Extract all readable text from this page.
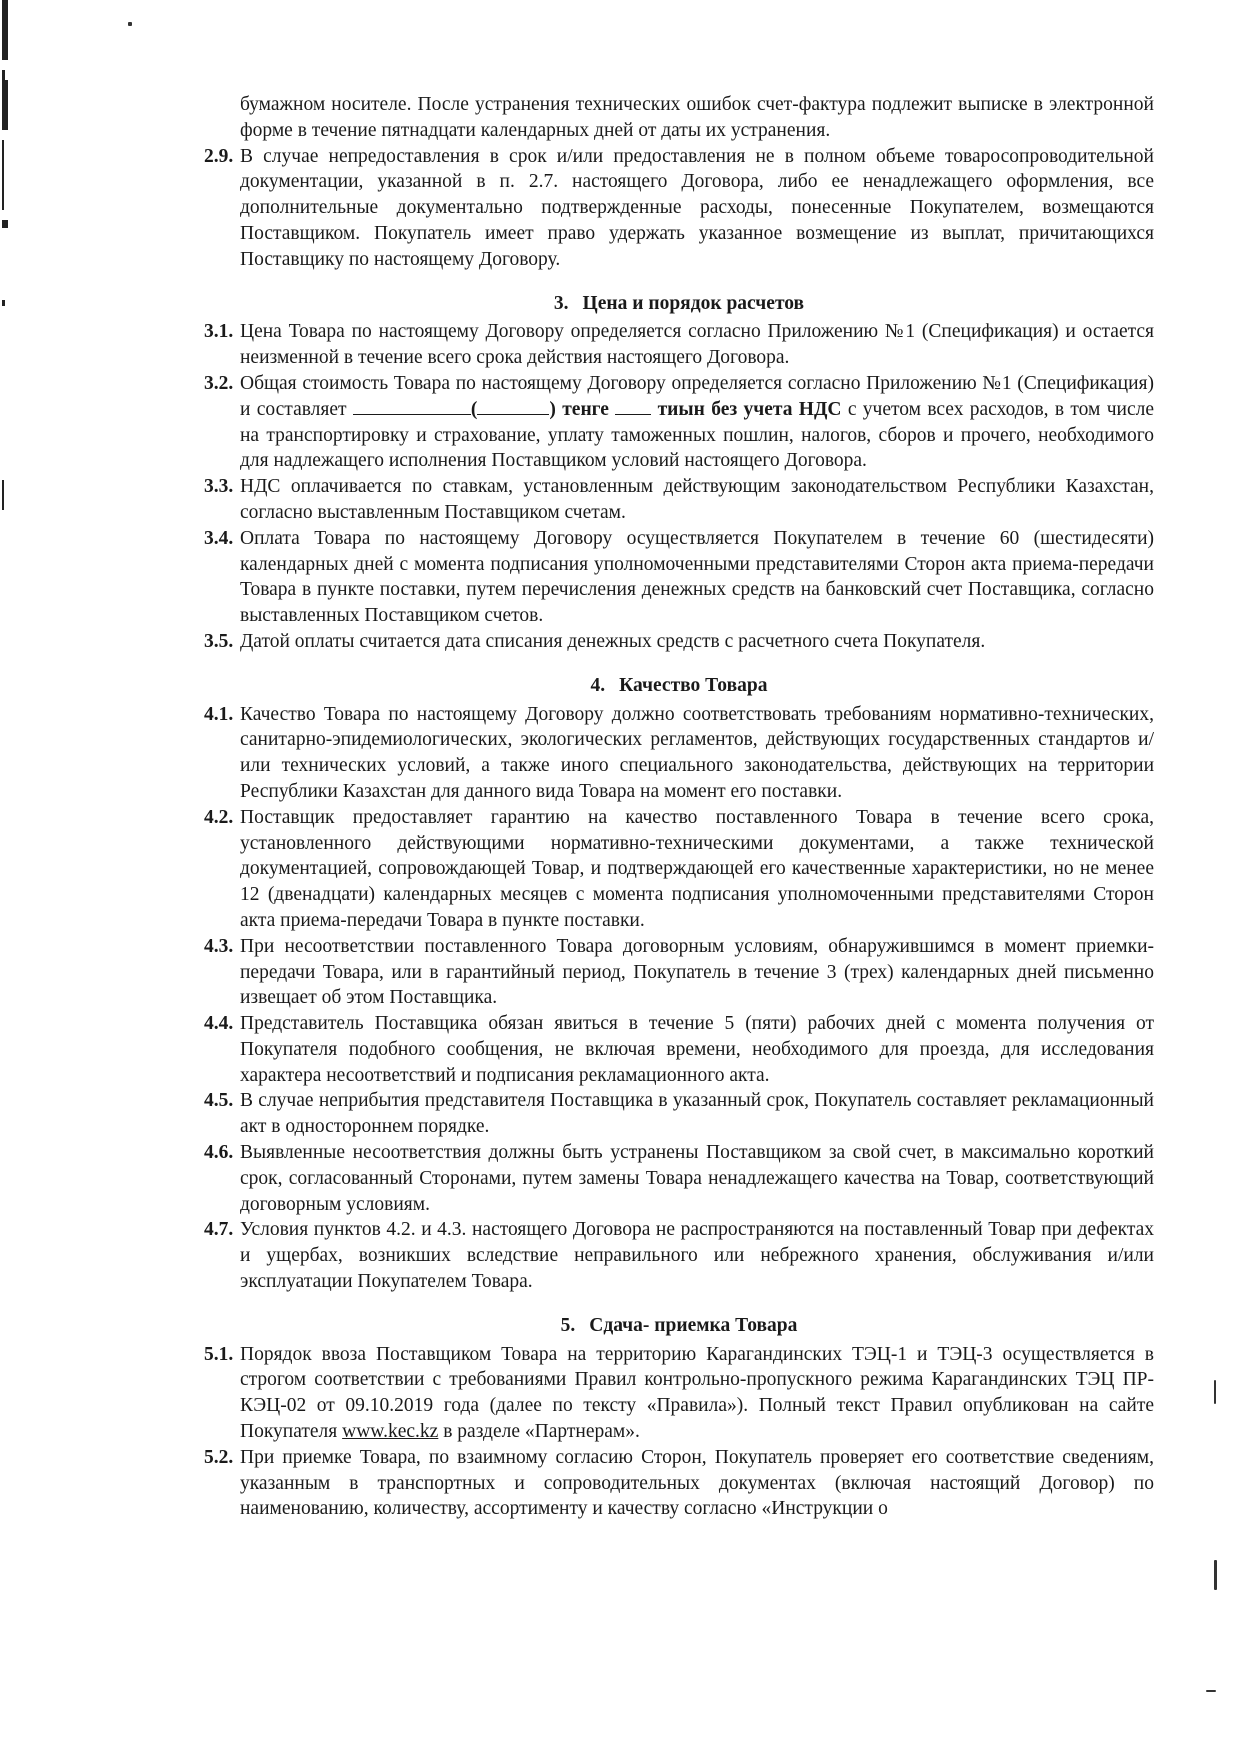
бумажном носителе. После устранения технических ошибок счет-фактура подлежит выписке в электронной форме в течение пятнадцати календарных дней от даты их устранения.
2.9. В случае непредоставления в срок и/или предоставления не в полном объеме товаросопроводительной документации, указанной в п. 2.7. настоящего Договора, либо ее ненадлежащего оформления, все дополнительные документально подтвержденные расходы, понесенные Покупателем, возмещаются Поставщиком. Покупатель имеет право удержать указанное возмещение из выплат, причитающихся Поставщику по настоящему Договору.
3. Цена и порядок расчетов
3.1. Цена Товара по настоящему Договору определяется согласно Приложению №1 (Спецификация) и остается неизменной в течение всего срока действия настоящего Договора.
3.2. Общая стоимость Товара по настоящему Договору определяется согласно Приложению №1 (Спецификация) и составляет	(	) тенге тиын без учета НДС с учетом всех расходов, в том числе на транспортировку и страхование, уплату таможенных пошлин, налогов, сборов и прочего, необходимого для надлежащего исполнения Поставщиком условий настоящего Договора.
3.3. НДС оплачивается по ставкам, установленным действующим законодательством Республики Казахстан, согласно выставленным Поставщиком счетам.
3.4. Оплата Товара по настоящему Договору осуществляется Покупателем в течение 60 (шестидесяти) календарных дней с момента подписания уполномоченными представителями Сторон акта приема-передачи Товара в пункте поставки, путем перечисления денежных средств на банковский счет Поставщика, согласно выставленных Поставщиком счетов.
3.5. Датой оплаты считается дата списания денежных средств с расчетного счета Покупателя.
4. Качество Товара
4.1. Качество Товара по настоящему Договору должно соответствовать требованиям нормативно-технических, санитарно-эпидемиологических, экологических регламентов, действующих государственных стандартов и/или технических условий, а также иного специального законодательства, действующих на территории Республики Казахстан для данного вида Товара на момент его поставки.
4.2. Поставщик предоставляет гарантию на качество поставленного Товара в течение всего срока, установленного действующими нормативно-техническими документами, а также технической документацией, сопровождающей Товар, и подтверждающей его качественные характеристики, но не менее 12 (двенадцати) календарных месяцев с момента подписания уполномоченными представителями Сторон акта приема-передачи Товара в пункте поставки.
4.3. При несоответствии поставленного Товара договорным условиям, обнаружившимся в момент приемки-передачи Товара, или в гарантийный период, Покупатель в течение 3 (трех) календарных дней письменно извещает об этом Поставщика.
4.4. Представитель Поставщика обязан явиться в течение 5 (пяти) рабочих дней с момента получения от Покупателя подобного сообщения, не включая времени, необходимого для проезда, для исследования характера несоответствий и подписания рекламационного акта.
4.5. В случае неприбытия представителя Поставщика в указанный срок, Покупатель составляет рекламационный акт в одностороннем порядке.
4.6. Выявленные несоответствия должны быть устранены Поставщиком за свой счет, в максимально короткий срок, согласованный Сторонами, путем замены Товара ненадлежащего качества на Товар, соответствующий договорным условиям.
4.7. Условия пунктов 4.2. и 4.3. настоящего Договора не распространяются на поставленный Товар при дефектах и ущербах, возникших вследствие неправильного или небрежного хранения, обслуживания и/или эксплуатации Покупателем Товара.
5. Сдача- приемка Товара
5.1. Порядок ввоза Поставщиком Товара на территорию Карагандинских ТЭЦ-1 и ТЭЦ-3 осуществляется в строгом соответствии с требованиями Правил контрольно-пропускного режима Карагандинских ТЭЦ ПР-КЭЦ-02 от 09.10.2019 года (далее по тексту «Правила»). Полный текст Правил опубликован на сайте Покупателя www.kec.kz в разделе «Партнерам».
5.2. При приемке Товара, по взаимному согласию Сторон, Покупатель проверяет его соответствие сведениям, указанным в транспортных и сопроводительных документах (включая настоящий Договор) по наименованию, количеству, ассортименту и качеству согласно «Инструкции о
